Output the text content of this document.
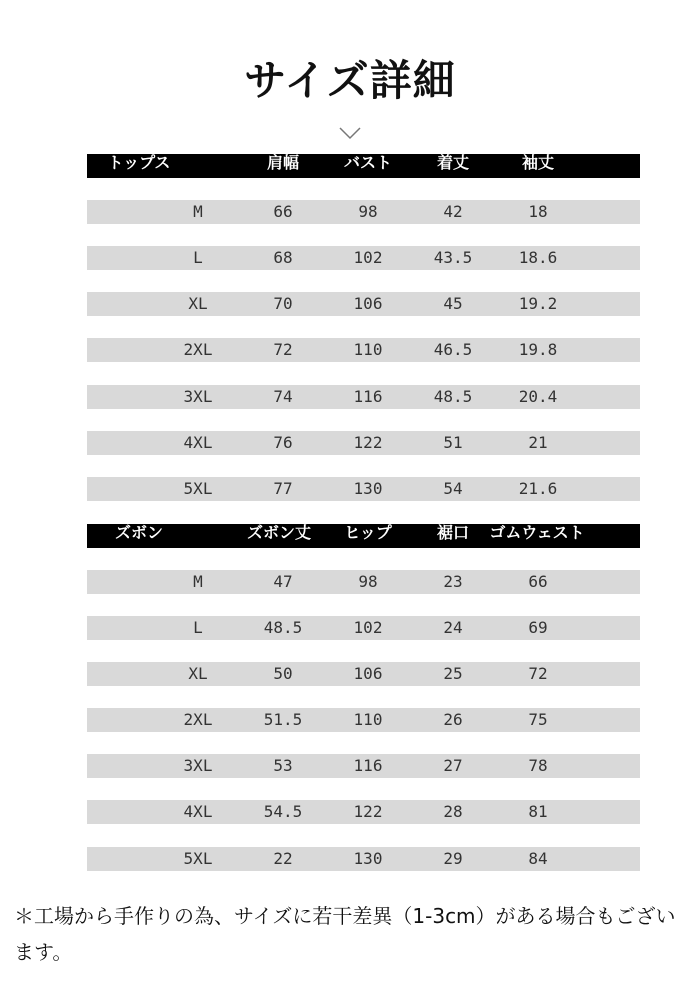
サイズ詳細
トップス	肩幅	バスト	着丈	袖丈
M	66	98	42	18
L	68	102	43.5	18.6
XL	70	106	45	19.2
2XL	72	110	46.5	19.8
3XL	74	116	48.5	20.4
4XL	76	122	51	21
5XL	77	130	54	21.6
ズボン	ズボン丈	ヒップ	裾口	ゴムウェスト
M	47	98	23	66
L	48.5	102	24	69
XL	50	106	25	72
2XL	51.5	110	26	75
3XL	53	116	27	78
4XL	54.5	122	28	81
5XL	22	130	29	84
＊工場から手作りの為、サイズに若干差異（1-3cm）がある場合もございます。
